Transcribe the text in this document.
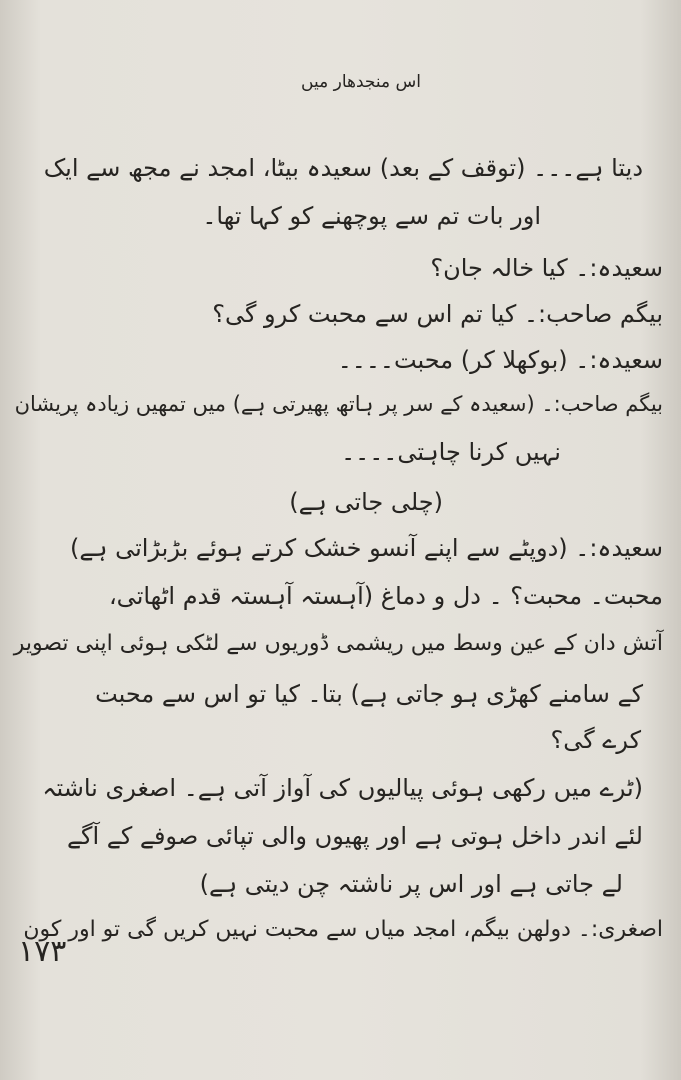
اس منجدھار میں
دیتا ہے۔۔۔ (توقف کے بعد) سعیدہ بیٹا، امجد نے مجھ سے ایک
اور بات تم سے پوچھنے کو کہا تھا۔
سعیدہ:۔ کیا خالہ جان؟
بیگم صاحب:۔ کیا تم اس سے محبت کرو گی؟
سعیدہ:۔ (بوکھلا کر) محبت۔۔۔۔
بیگم صاحب:۔ (سعیدہ کے سر پر ہاتھ پھیرتی ہے) میں تمھیں زیادہ پریشان
نہیں کرنا چاہتی۔۔۔۔
(چلی جاتی ہے)
سعیدہ:۔ (دوپٹے سے اپنے آنسو خشک کرتے ہوئے بڑبڑاتی ہے)
محبت۔ محبت؟ ۔ دل و دماغ (آہستہ آہستہ قدم اٹھاتی،
آتش دان کے عین وسط میں ریشمی ڈوریوں سے لٹکی ہوئی اپنی تصویر
کے سامنے کھڑی ہو جاتی ہے) بتا۔ کیا تو اس سے محبت
کرے گی؟
(ٹرے میں رکھی ہوئی پیالیوں کی آواز آتی ہے۔ اصغری ناشتہ
لئے اندر داخل ہوتی ہے اور پھیوں والی تپائی صوفے کے آگے
لے جاتی ہے اور اس پر ناشتہ چن دیتی ہے)
اصغری:۔ دولھن بیگم، امجد میاں سے محبت نہیں کریں گی تو اور کون
۱۷۳
